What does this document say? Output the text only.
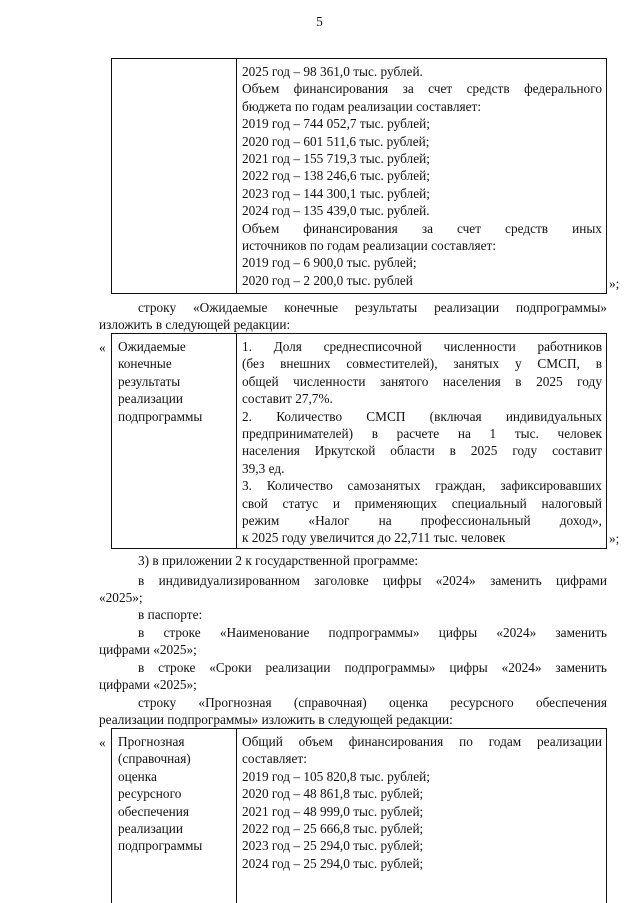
5
2025 год – 98 361,0 тыс. рублей.
Объем финансирования за счет средств федерального
бюджета по годам реализации составляет:
2019 год – 744 052,7 тыс. рублей;
2020 год – 601 511,6 тыс. рублей;
2021 год – 155 719,3 тыс. рублей;
2022 год – 138 246,6 тыс. рублей;
2023 год – 144 300,1 тыс. рублей;
2024 год – 135 439,0 тыс. рублей.
Объем финансирования за счет средств иных
источников по годам реализации составляет:
2019 год – 6 900,0 тыс. рублей;
2020 год – 2 200,0 тыс. рублей	»;
строку «Ожидаемые конечные результаты реализации подпрограммы»
изложить в следующей редакции:
« Ожидаемые
конечные
результаты
реализации
подпрограммы
1. Доля среднесписочной численности работников
(без внешних совместителей), занятых у СМСП, в
общей численности занятого населения в 2025 году
составит 27,7%.
2. Количество СМСП (включая индивидуальных
предпринимателей) в расчете на 1 тыс. человек
населения Иркутской области в 2025 году составит
39,3 ед.
3. Количество самозанятых граждан, зафиксировавших
свой статус и применяющих специальный налоговый
режим «Налог на профессиональный доход»,
к 2025 году увеличится до 22,711 тыс. человек	»;
3) в приложении 2 к государственной программе:
в индивидуализированном заголовке цифры «2024» заменить цифрами
«2025»;
в паспорте:
в строке «Наименование подпрограммы» цифры «2024» заменить
цифрами «2025»;
в строке «Сроки реализации подпрограммы» цифры «2024» заменить
цифрами «2025»;
строку «Прогнозная (справочная) оценка ресурсного обеспечения
реализации подпрограммы» изложить в следующей редакции:
« Прогнозная
(справочная)
оценка
ресурсного
обеспечения
реализации
подпрограммы
Общий объем финансирования по годам реализации
составляет:
2019 год – 105 820,8 тыс. рублей;
2020 год – 48 861,8 тыс. рублей;
2021 год – 48 999,0 тыс. рублей;
2022 год – 25 666,8 тыс. рублей;
2023 год – 25 294,0 тыс. рублей;
2024 год – 25 294,0 тыс. рублей;
